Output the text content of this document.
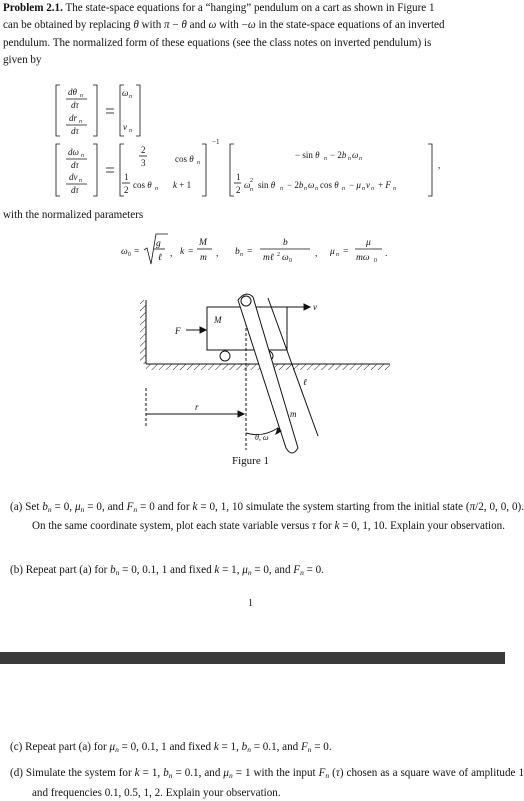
Problem 2.1. The state-space equations for a “hanging” pendulum on a cart as shown in Figure 1
can be obtained by replacing θ with π − θ and ω with −ω in the state-space equations of an inverted
pendulum. The normalized form of these equations (see the class notes on inverted pendulum) is
given by
dθ n
dτ
dr n
dτ
ω n
v n
dω n
dτ
dv n
dτ
−1
2
3	cos θ n
1
2 cos θ n k + 1
− sin θ n − 2b n ω n
1
2 ω 2
n sin θ n − 2b n ω n cos θ n − μ n v n + F n
,
with the normalized parameters
ω 0 =
g
ℓ , k =
M
m , b n =
b
mℓ 2 ω 0
, μ n =
μ
mω 0
.
M
F
v
ℓ
m
θ, ω
r
Figure 1
(a) Set $b_n = 0$, $\mu_n = 0$, and $F_n = 0$ and for k = 0, 1, 10 simulate the system starting from the initial state (π/2, 0, 0, 0). On the same coordinate system, plot each state variable versus τ for k = 0, 1, 10. Explain your observation.
(b) Repeat part (a) for $b_n = 0$, 0.1, 1 and fixed k = 1, $\mu_n = 0$, and $F_n = 0$.
1
(c) Repeat part (a) for $\mu_n = 0$, 0.1, 1 and fixed k = 1, $b_n = 0.1$, and $F_n = 0$.
(d) Simulate the system for k = 1, $b_n = 0.1$, and $\mu_n = 1$ with the input $F_n$ (τ) chosen as a square wave of amplitude 1 and frequencies 0.1, 0.5, 1, 2. Explain your observation.
